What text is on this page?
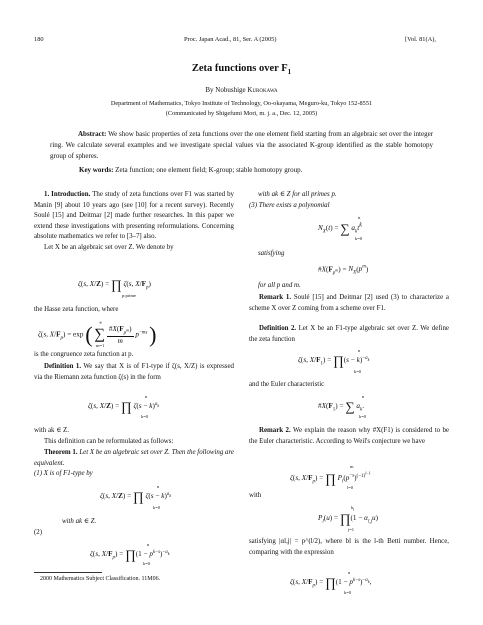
180	Proc. Japan Acad., 81, Ser. A (2005)	[Vol. 81(A),
Zeta functions over $F_1$
By Nobushige Kurokawa
Department of Mathematics, Tokyo Institute of Technology, Oo-okayama, Meguro-ku, Tokyo 152-8551
(Communicated by Shigefumi Mori, m. j. a., Dec. 12, 2005)
Abstract: We show basic properties of zeta functions over the one element field starting from an algebraic set over the integer ring. We calculate several examples and we investigate special values via the associated K-group identified as the stable homotopy group of spheres.
Key words: Zeta function; one element field; K-group; stable homotopy group.

1. Introduction. The study of zeta functions over F1 was started by Manin [9] about 10 years ago (see [10] for a recent survey). Recently Soulé [15] and Deitmar [2] made further researches. In this paper we extend these investigations with presenting reformulations. Concerning absolute mathematics we refer to [3–7] also.

Let X be an algebraic set over Z. We denote by

ζ(s, X/Z) = ∏ ζ(s, $X/F_p$)
p:prime
the Hasse zeta function, where
ζ(s, $X/F_p) = \exp$ ( ∑ $\#X(F_{p^m})$
m
$p^{-ms}$ )
∞
m=1
is the congruence zeta function at p.

Definition 1. We say that X is of F1-type if ζ(s, X/Z) is expressed via the Riemann zeta function ζ(s) in the form

ζ(s, X/Z) = ∏ $\zeta(s - k)^{a_k}$
n
k=0
with ak ∈ Z.
This definition can be reformulated as follows:

Theorem 1. Let X be an algebraic set over Z. Then the following are equivalent.

(1) X is of F1-type by
ζ(s, X/Z) = ∏ $\zeta(s - k)^{a_k}$
n
k=0
with ak ∈ Z.
(2)
ζ(s, $X/F_p$) = ∏(1 − $p^{k-s})^{-a_k}$
n
k=0
2000 Mathematics Subject Classification. 11M06.
with ak ∈ Z for all primes p.
(3) There exists a polynomial
$N_X(t)$ = ∑ $a_kt^k$
n
k=0
satisfying
$\#X(F_{p^m}) = N_X(p^m)$
for all p and m.

Remark 1. Soulé [15] and Deitmar [2] used (3) to characterize a scheme X over Z coming from a scheme over F1.

Definition 2. Let X be an F1-type algebraic set over Z. We define the zeta function

ζ(s, $X/F_1$) = ∏(s − k)$^{-a_k}$
n
k=0
and the Euler characteristic
$\#X(F_1)$ = ∑ $a_k$.
n
k=0

Remark 2. We explain the reason why #X(F1) is considered to be the Euler characteristic. According to Weil's conjecture we have

ζ(s, $X/F_p$) = ∏ $P_l(p^{-s})^{(-1)^{l-1}}$
m
l=0
with
$P_l(u)$ = ∏(1 − $\alpha_{l,j}u$)
$b_l$
j=1
satisfying |αl,j| = p^(l/2), where bl is the l-th Betti number. Hence, comparing with the expression
ζ(s, $X/F_p$) = ∏(1 − $p^{k-s})^{-a_k}$,
n
k=0
